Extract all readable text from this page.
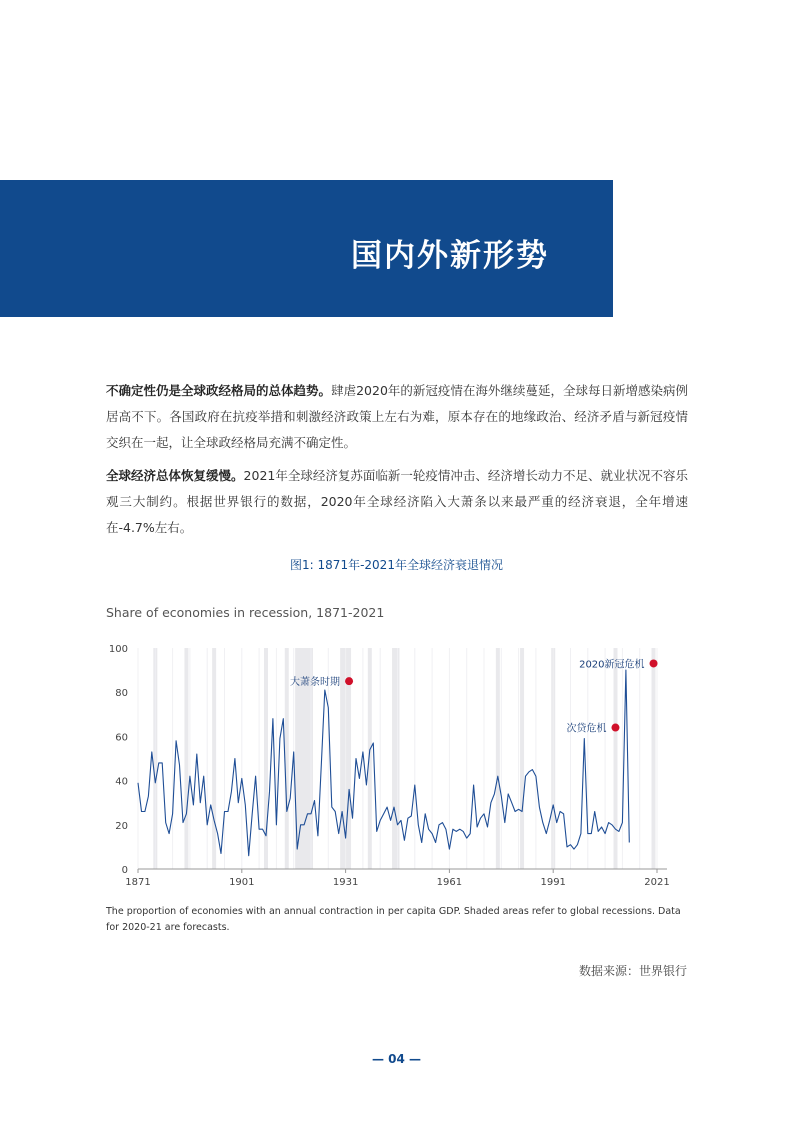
国内外新形势

不确定性仍是全球政经格局的总体趋势。肆虐2020年的新冠疫情在海外继续蔓延，全球每日新增感染病例居高不下。各国政府在抗疫举措和刺激经济政策上左右为难，原本存在的地缘政治、经济矛盾与新冠疫情交织在一起，让全球政经格局充满不确定性。

全球经济总体恢复缓慢。2021年全球经济复苏面临新一轮疫情冲击、经济增长动力不足、就业状况不容乐观三大制约。根据世界银行的数据，2020年全球经济陷入大萧条以来最严重的经济衰退，全年增速在-4.7%左右。

图1: 1871年-2021年全球经济衰退情况

Share of economies in recession, 1871-2021

0
20
40
60
80
100
1871	1901	1931	1961	1991	2021
大萧条时期
次贷危机
2020新冠危机

The proportion of economies with an annual contraction in per capita GDP. Shaded areas refer to global recessions. Data for 2020-21 are forecasts.

数据来源：世界银行

— 04 —
